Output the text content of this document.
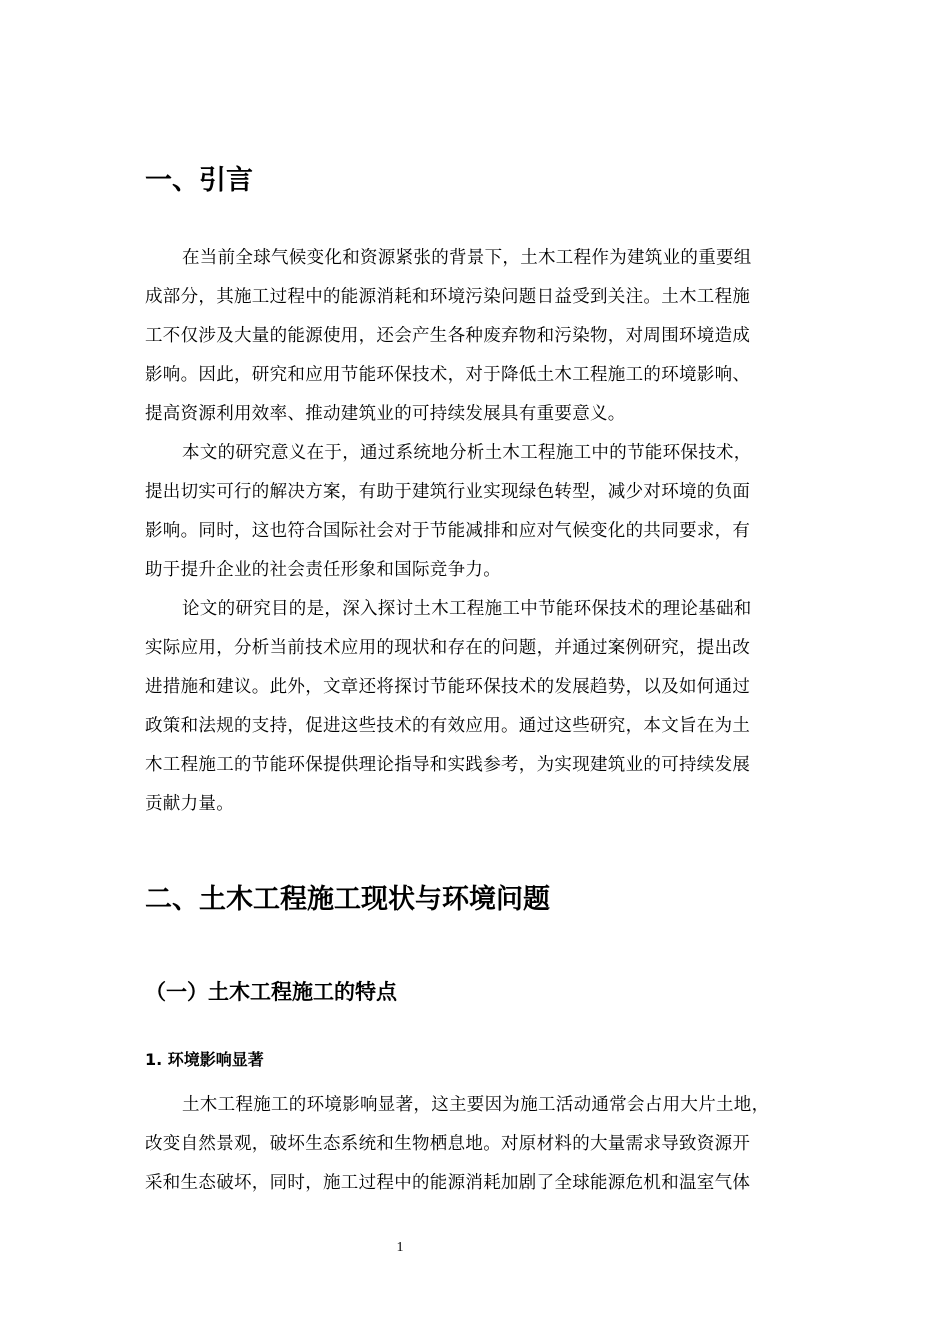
一、引言
在当前全球气候变化和资源紧张的背景下，土木工程作为建筑业的重要组
成部分，其施工过程中的能源消耗和环境污染问题日益受到关注。土木工程施
工不仅涉及大量的能源使用，还会产生各种废弃物和污染物，对周围环境造成
影响。因此，研究和应用节能环保技术，对于降低土木工程施工的环境影响、
提高资源利用效率、推动建筑业的可持续发展具有重要意义。
本文的研究意义在于，通过系统地分析土木工程施工中的节能环保技术，
提出切实可行的解决方案，有助于建筑行业实现绿色转型，减少对环境的负面
影响。同时，这也符合国际社会对于节能减排和应对气候变化的共同要求，有
助于提升企业的社会责任形象和国际竞争力。
论文的研究目的是，深入探讨土木工程施工中节能环保技术的理论基础和
实际应用，分析当前技术应用的现状和存在的问题，并通过案例研究，提出改
进措施和建议。此外，文章还将探讨节能环保技术的发展趋势，以及如何通过
政策和法规的支持，促进这些技术的有效应用。通过这些研究，本文旨在为土
木工程施工的节能环保提供理论指导和实践参考，为实现建筑业的可持续发展
贡献力量。
二、土木工程施工现状与环境问题
（一）土木工程施工的特点
1. 环境影响显著
土木工程施工的环境影响显著，这主要因为施工活动通常会占用大片土地，
改变自然景观，破坏生态系统和生物栖息地。对原材料的大量需求导致资源开
采和生态破坏，同时，施工过程中的能源消耗加剧了全球能源危机和温室气体
1
